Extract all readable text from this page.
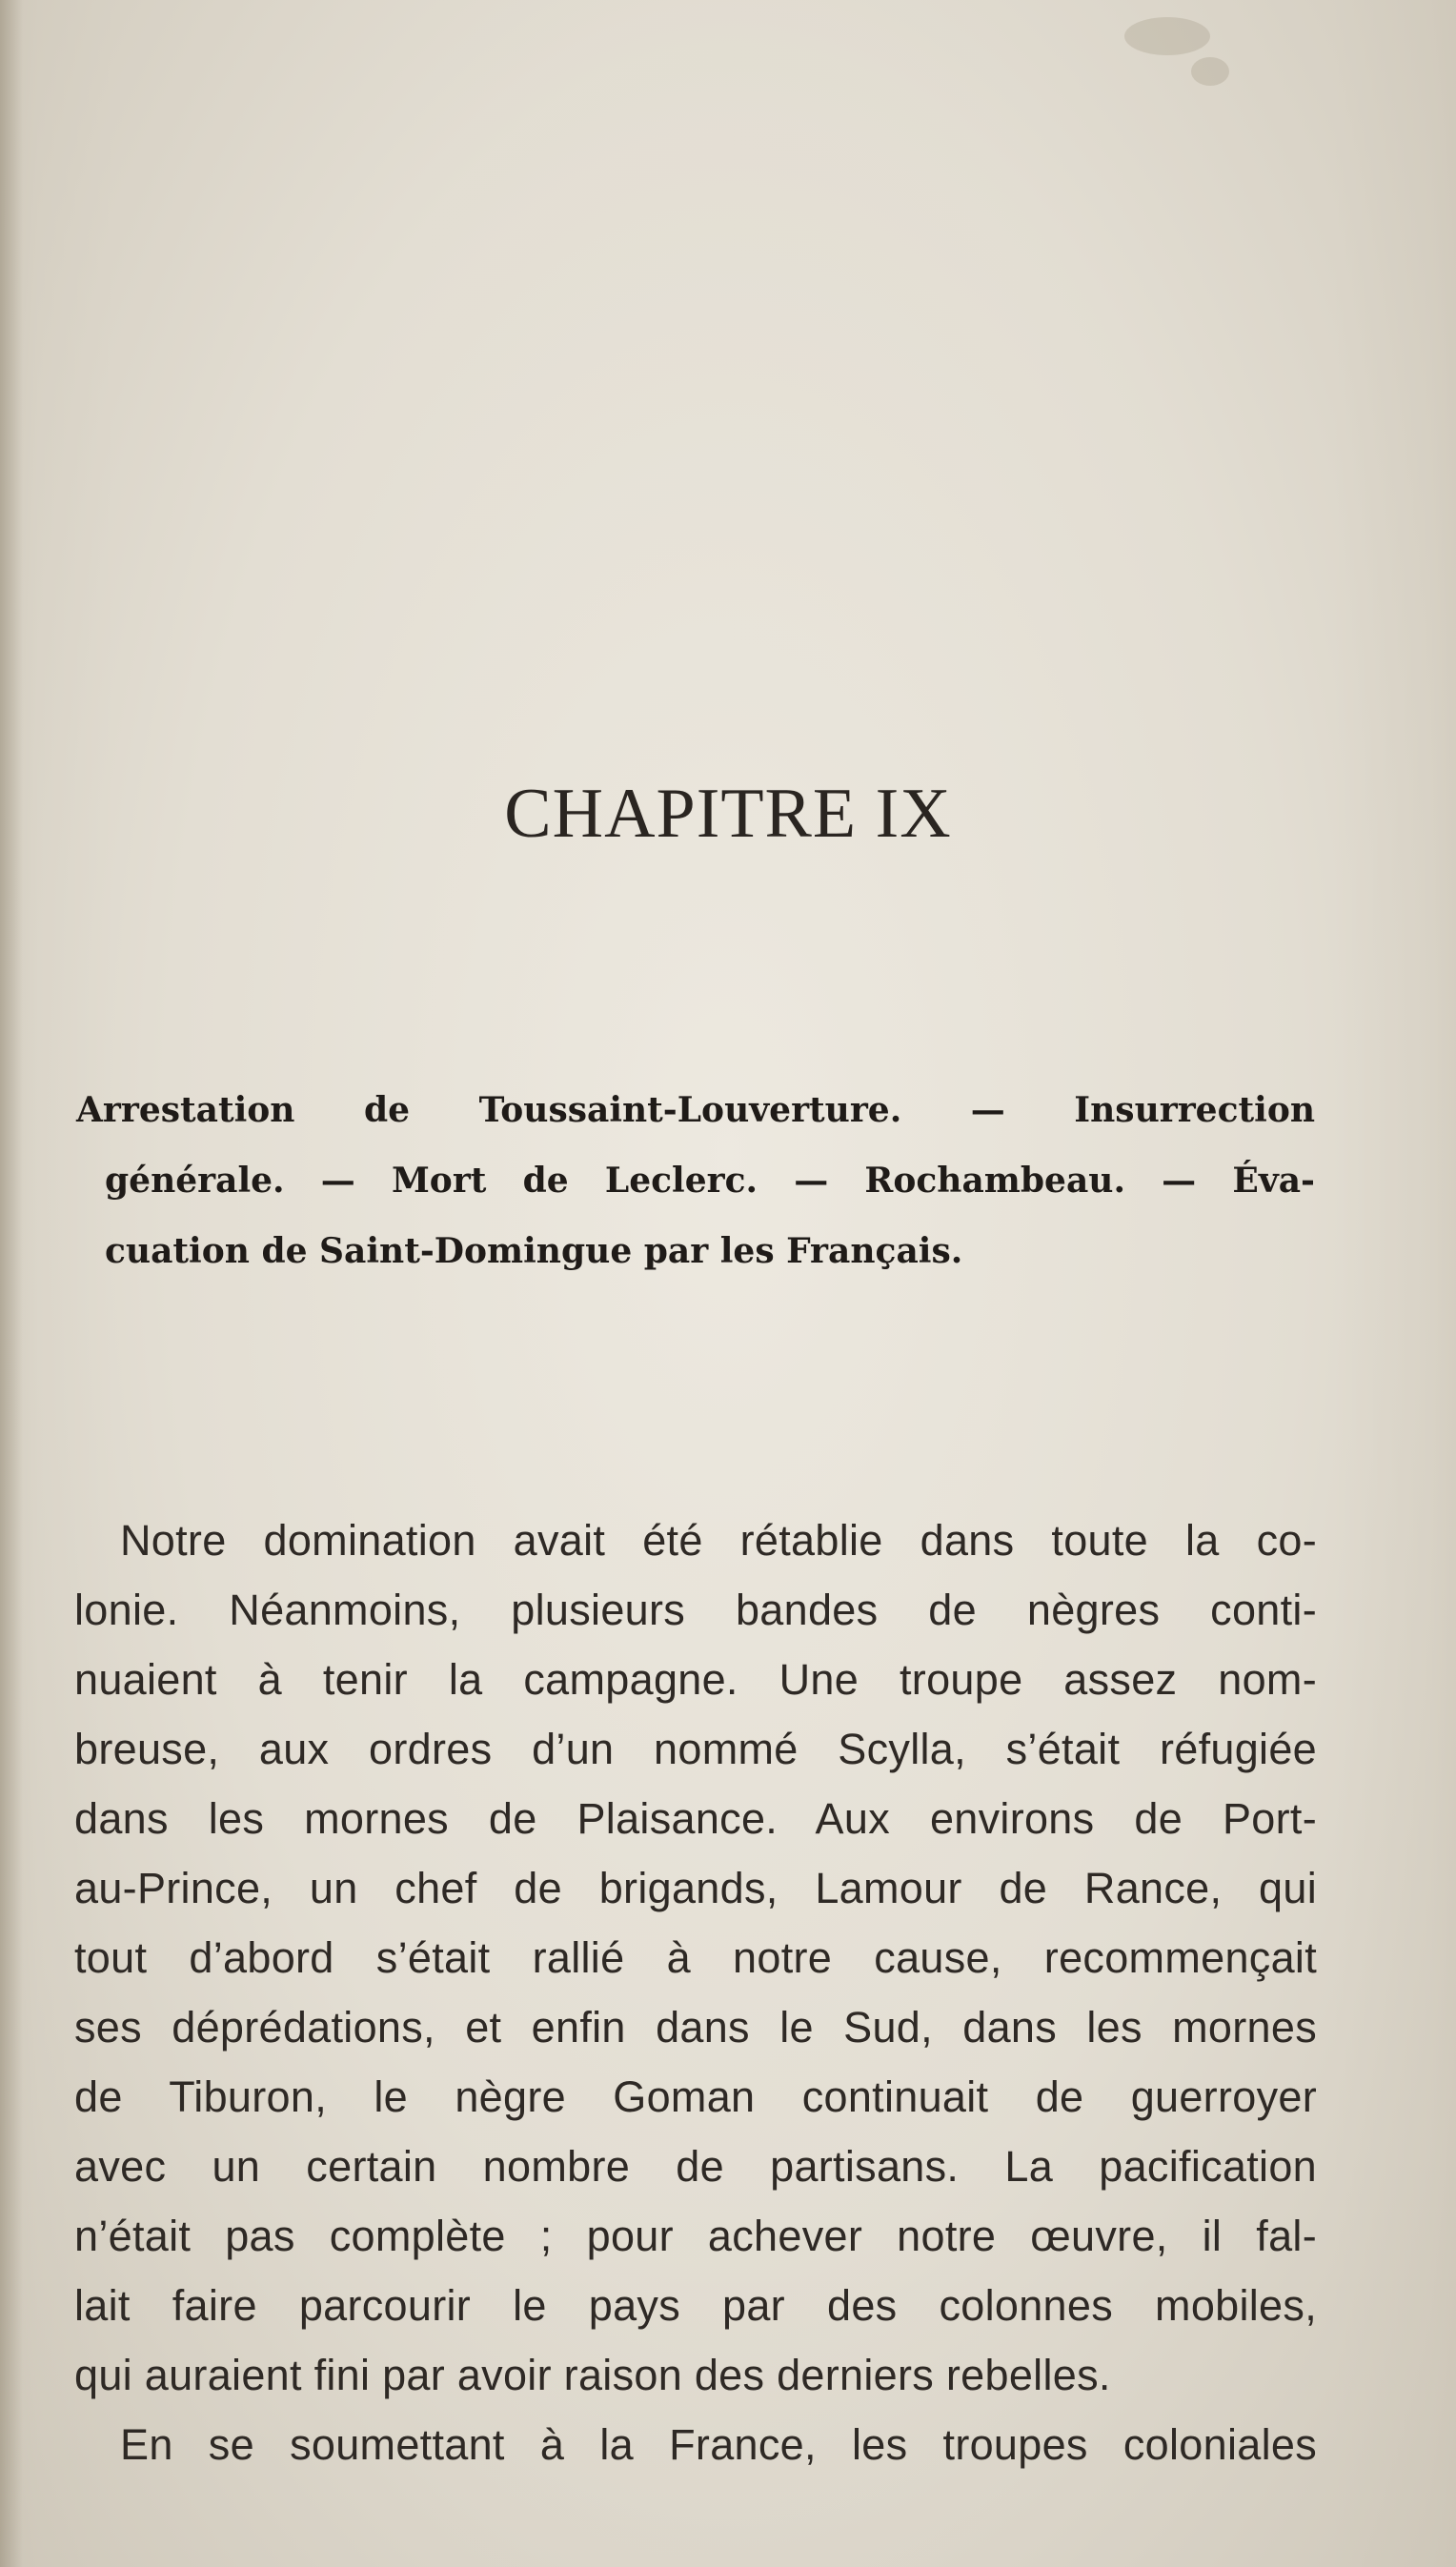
CHAPITRE IX
Arrestation de Toussaint-Louverture. — Insurrection
générale. — Mort de Leclerc. — Rochambeau. — Éva-
cuation de Saint-Domingue par les Français.
Notre domination avait été rétablie dans toute la co-
lonie. Néanmoins, plusieurs bandes de nègres conti-
nuaient à tenir la campagne. Une troupe assez nom-
breuse, aux ordres d’un nommé Scylla, s’était réfugiée
dans les mornes de Plaisance. Aux environs de Port-
au-Prince, un chef de brigands, Lamour de Rance, qui
tout d’abord s’était rallié à notre cause, recommençait
ses déprédations, et enfin dans le Sud, dans les mornes
de Tiburon, le nègre Goman continuait de guerroyer
avec un certain nombre de partisans. La pacification
n’était pas complète ; pour achever notre œuvre, il fal-
lait faire parcourir le pays par des colonnes mobiles,
qui auraient fini par avoir raison des derniers rebelles.
En se soumettant à la France, les troupes coloniales
